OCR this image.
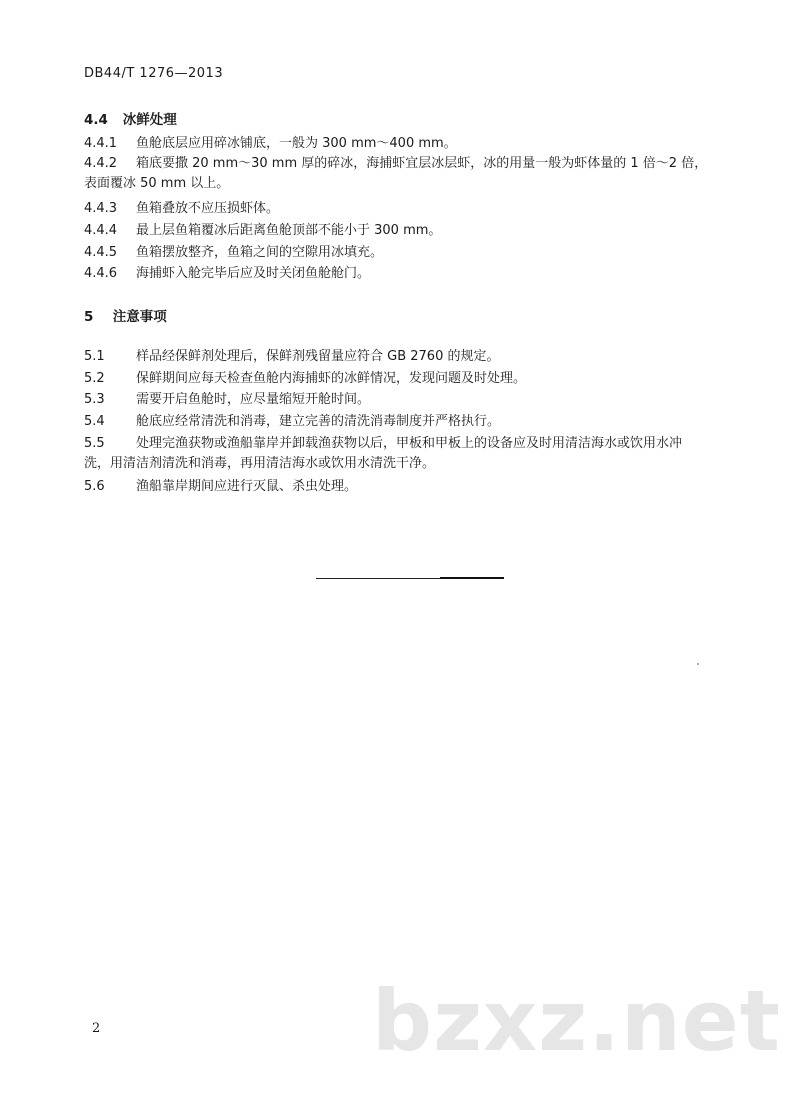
DB44/T 1276—2013
4.4 冰鲜处理
4.4.1 鱼舱底层应用碎冰铺底，一般为 300 mm～400 mm。
4.4.2 箱底要撒 20 mm～30 mm 厚的碎冰，海捕虾宜层冰层虾，冰的用量一般为虾体量的 1 倍～2 倍，
表面覆冰 50 mm 以上。
4.4.3 鱼箱叠放不应压损虾体。
4.4.4 最上层鱼箱覆冰后距离鱼舱顶部不能小于 300 mm。
4.4.5 鱼箱摆放整齐，鱼箱之间的空隙用冰填充。
4.4.6 海捕虾入舱完毕后应及时关闭鱼舱舱门。
5 注意事项
5.1 样品经保鲜剂处理后，保鲜剂残留量应符合 GB 2760 的规定。
5.2 保鲜期间应每天检查鱼舱内海捕虾的冰鲜情况，发现问题及时处理。
5.3 需要开启鱼舱时，应尽量缩短开舱时间。
5.4 舱底应经常清洗和消毒，建立完善的清洗消毒制度并严格执行。
5.5 处理完渔获物或渔船靠岸并卸载渔获物以后，甲板和甲板上的设备应及时用清洁海水或饮用水冲
洗，用清洁剂清洗和消毒，再用清洁海水或饮用水清洗干净。
5.6 渔船靠岸期间应进行灭鼠、杀虫处理。
bzxz.net
2
